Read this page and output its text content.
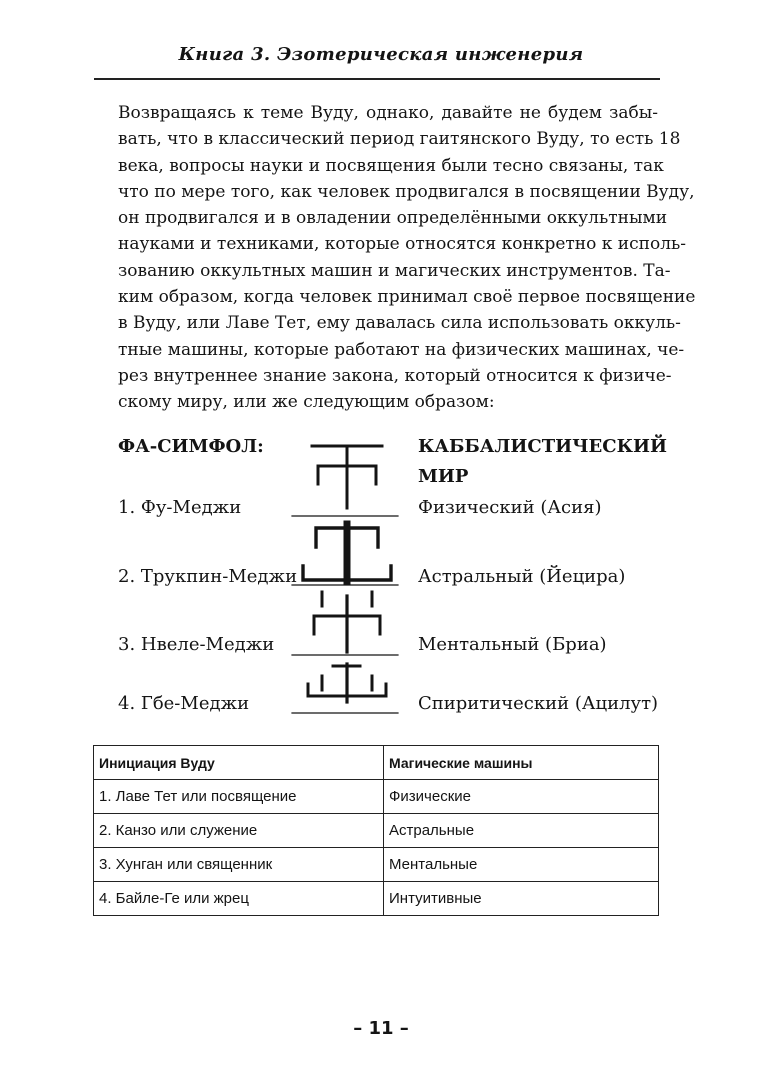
Книга 3. Эзотерическая инженерия
Возвращаясь к теме Вуду, однако, давайте не будем забы-
вать, что в классический период гаитянского Вуду, то есть 18
века, вопросы науки и посвящения были тесно связаны, так
что по мере того, как человек продвигался в посвящении Вуду,
он продвигался и в овладении определёнными оккультными
науками и техниками, которые относятся конкретно к исполь-
зованию оккультных машин и магических инструментов. Та-
ким образом, когда человек принимал своё первое посвящение
в Вуду, или Лаве Тет, ему давалась сила использовать оккуль-
тные машины, которые работают на физических машинах, че-
рез внутреннее знание закона, который относится к физиче-
скому миру, или же следующим образом:
ФА-СИМФОЛ:	КАББАЛИСТИЧЕСКИЙ
МИР
1. Фу-Меджи	Физический (Асия)
2. Трукпин-Меджи	Астральный (Йецира)
3. Нвеле-Меджи	Ментальный (Бриа)
4. Гбе-Меджи	Спиритический (Ацилут)
Инициация Вуду	Магические машины
1. Лаве Тет или посвящение	Физические
2. Канзо или служение	Астральные
3. Хунган или священник	Ментальные
4. Байле-Ге или жрец	Интуитивные
– 11 –
